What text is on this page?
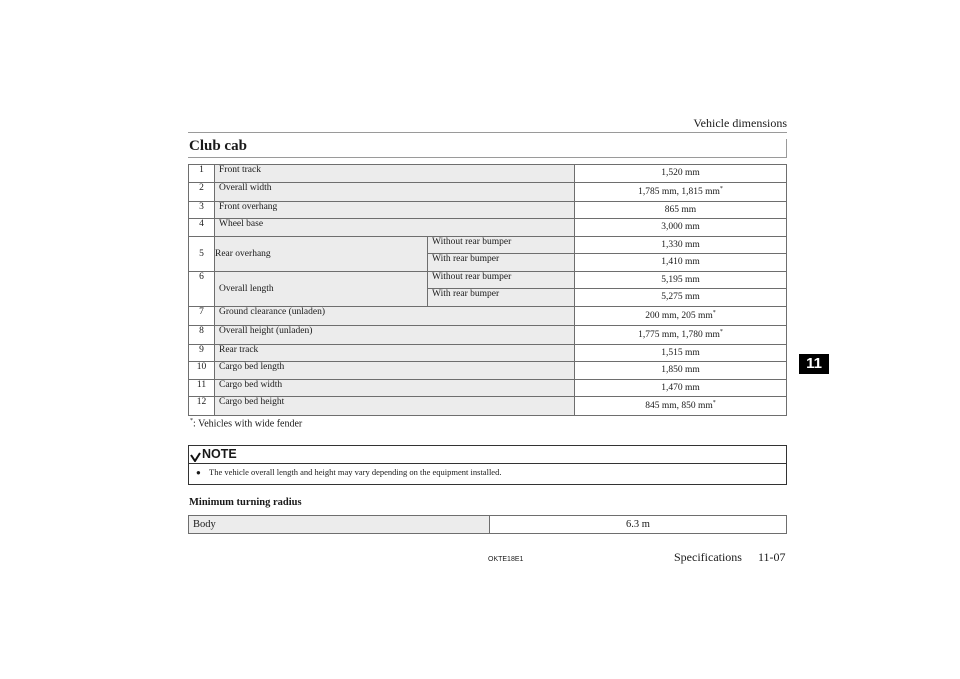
Vehicle dimensions
Club cab
11
1	Front track		1,520 mm
2	Overall width		1,785 mm, 1,815 mm*
3	Front overhang		865 mm
4	Wheel base		3,000 mm
5	Rear overhang	Without rear bumper	1,330 mm
		With rear bumper	1,410 mm
6	Overall length	Without rear bumper	5,195 mm
		With rear bumper	5,275 mm
7	Ground clearance (unladen)		200 mm, 205 mm*
8	Overall height (unladen)		1,775 mm, 1,780 mm*
9	Rear track		1,515 mm
10	Cargo bed length		1,850 mm
11	Cargo bed width		1,470 mm
12	Cargo bed height		845 mm, 850 mm*
*: Vehicles with wide fender
NOTE
● The vehicle overall length and height may vary depending on the equipment installed.
Minimum turning radius
Body	6.3 m
OKTE18E1	Specifications 11-07
